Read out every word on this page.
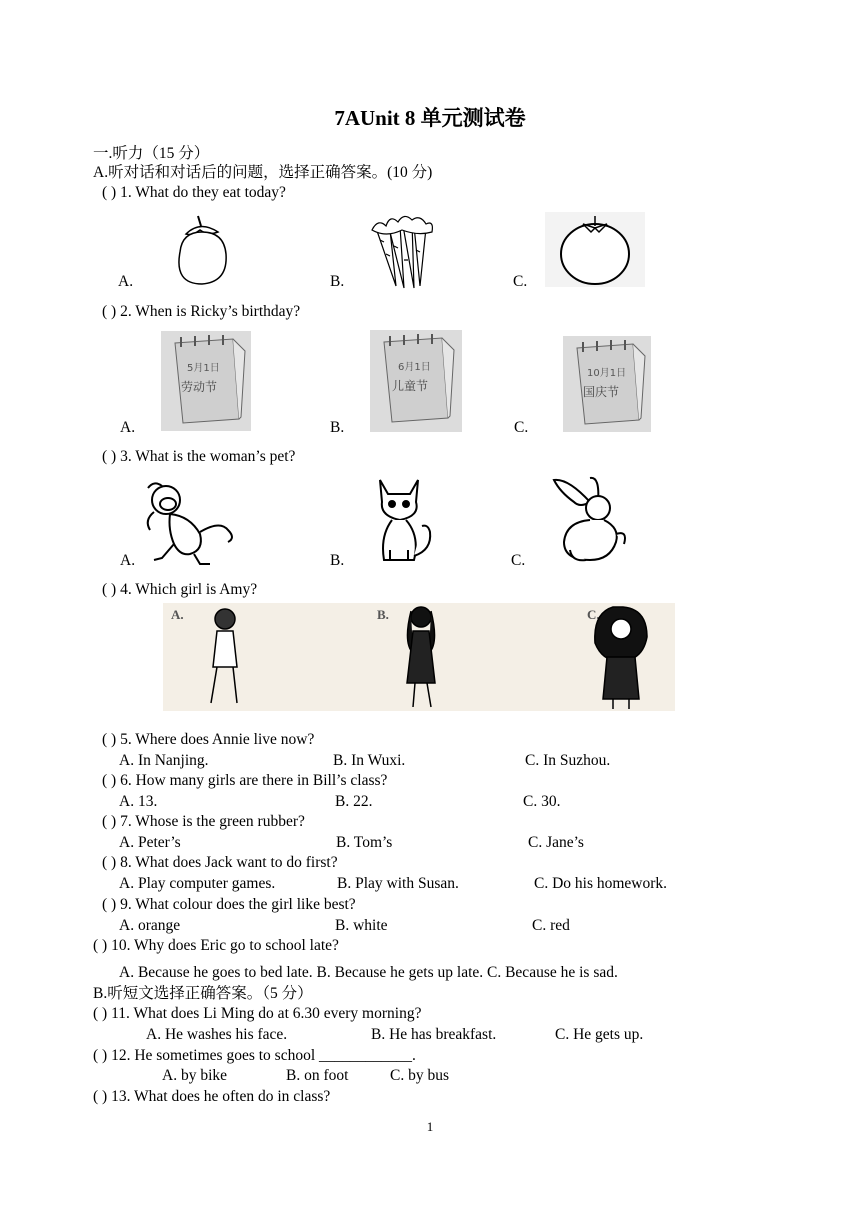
7AUnit 8 单元测试卷
一.听力（15 分）
A.听对话和对话后的问题，选择正确答案。(10 分)
( ) 1. What do they eat today?
A.	B.	C.
( ) 2. When is Ricky’s birthday?
A.	B.	C.
5月1日
劳动节
6月1日
儿童节
10月1日
国庆节
( ) 3. What is the woman’s pet?
A.	B.	C.
( ) 4. Which girl is Amy?
A.	B.	C.
( ) 5. Where does Annie live now?
A. In Nanjing.	B. In Wuxi.	C. In Suzhou.
( ) 6. How many girls are there in Bill’s class?
A. 13.	B. 22.	C. 30.
( ) 7. Whose is the green rubber?
A. Peter’s	B. Tom’s	C. Jane’s
( ) 8. What does Jack want to do first?
A. Play computer games.	B. Play with Susan.	C. Do his homework.
( ) 9. What colour does the girl like best?
A. orange	B. white	C. red
( ) 10. Why does Eric go to school late?
A. Because he goes to bed late. B. Because he gets up late. C. Because he is sad.
B.听短文选择正确答案。（5 分）
( ) 11. What does Li Ming do at 6.30 every morning?
A. He washes his face.	B. He has breakfast.	C. He gets up.
( ) 12. He sometimes goes to school ____________.
A. by bike	B. on foot	C. by bus
( ) 13. What does he often do in class?
1
